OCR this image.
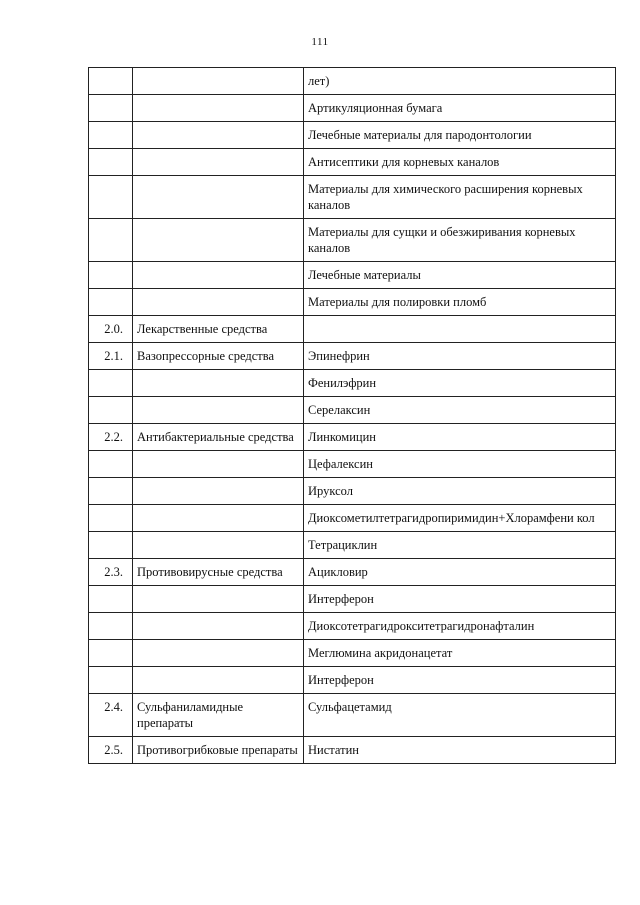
111
		лет)
		Артикуляционная бумага
		Лечебные материалы для пародонтологии
		Антисептики для корневых каналов
		Материалы для химического расширения корневых каналов
		Материалы для сущки и обезжиривания корневых каналов
		Лечебные материалы
		Материалы для полировки пломб
2.0.	Лекарственные средства	
2.1.	Вазопрессорные средства	Эпинефрин
		Фенилэфрин
		Серелаксин
2.2.	Антибактериальные средства	Линкомицин
		Цефалексин
		Ируксол
		Диоксометилтетрагидропиримидин+Хлорамфени кол
		Тетрациклин
2.3.	Противовирусные средства	Ацикловир
		Интерферон
		Диоксотетрагидрокситетрагидронафталин
		Меглюмина акридонацетат
		Интерферон
2.4.	Сульфаниламидные препараты	Сульфацетамид
2.5.	Противогрибковые препараты	Нистатин
